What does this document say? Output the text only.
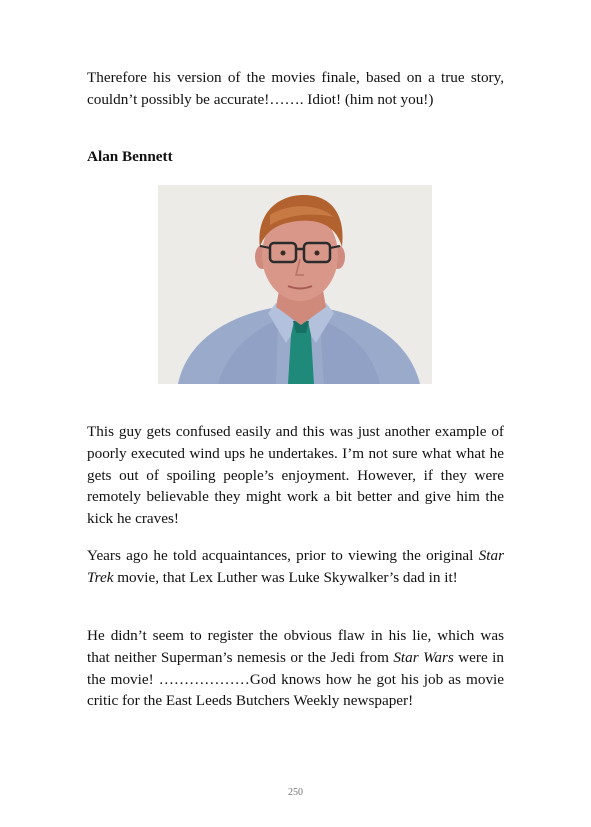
Therefore his version of the movies finale, based on a true story, couldn’t possibly be accurate!……. Idiot! (him not you!)

Alan Bennett

This guy gets confused easily and this was just another example of poorly executed wind ups he undertakes. I’m not sure what what he gets out of spoiling people’s enjoyment. However, if they were remotely believable they might work a bit better and give him the kick he craves!

Years ago he told acquaintances, prior to viewing the original Star Trek movie, that Lex Luther was Luke Skywalker’s dad in it!

He didn’t seem to register the obvious flaw in his lie, which was that neither Superman’s nemesis or the Jedi from Star Wars were in the movie! ………………God knows how he got his job as movie critic for the East Leeds Butchers Weekly newspaper!

250
